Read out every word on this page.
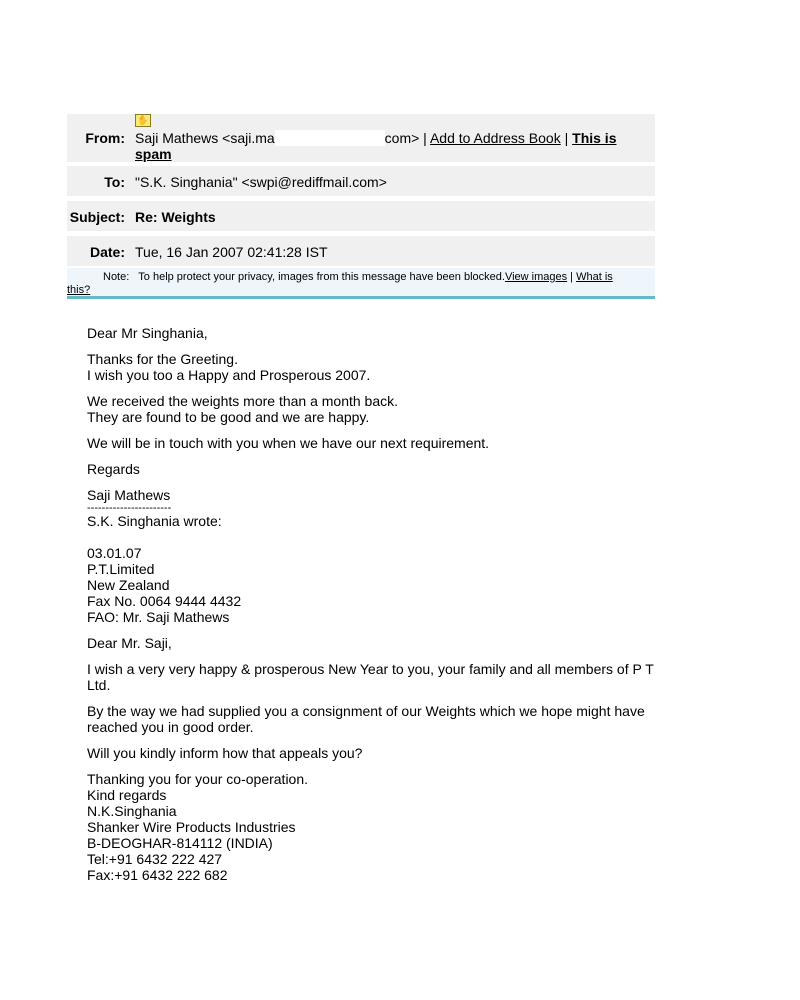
✋
From: Saji Mathews <saji.ma	com> | Add to Address Book | This is
spam
To: "S.K. Singhania" <swpi@rediffmail.com>
Subject: Re: Weights
Date: Tue, 16 Jan 2007 02:41:28 IST
Note: To help protect your privacy, images from this message have been blocked.View images | What is
this?

Dear Mr Singhania,

Thanks for the Greeting.

I wish you too a Happy and Prosperous 2007.

We received the weights more than a month back.

They are found to be good and we are happy.

We will be in touch with you when we have our next requirement.

Regards

Saji Mathews

-----------------------

S.K. Singhania wrote:

03.01.07

P.T.Limited

New Zealand

Fax No. 0064 9444 4432

FAO: Mr. Saji Mathews

Dear Mr. Saji,

I wish a very very happy & prosperous New Year to you, your family and all members of P T

Ltd.

By the way we had supplied you a consignment of our Weights which we hope might have

reached you in good order.

Will you kindly inform how that appeals you?

Thanking you for your co-operation.

Kind regards

N.K.Singhania

Shanker Wire Products Industries

B-DEOGHAR-814112 (INDIA)

Tel:+91 6432 222 427

Fax:+91 6432 222 682
